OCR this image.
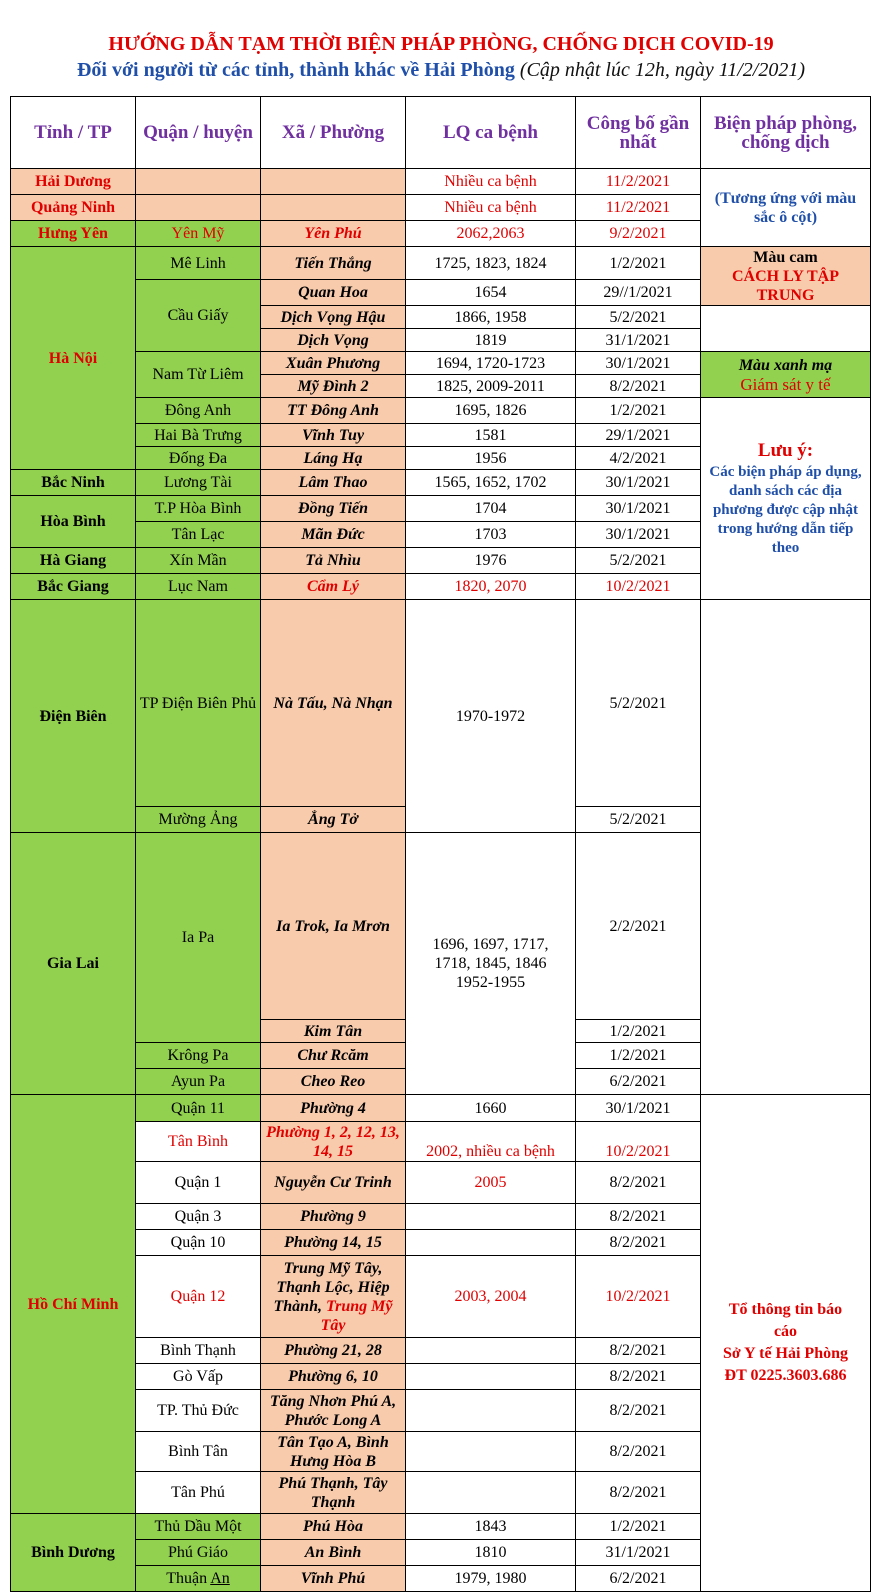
HƯỚNG DẪN TẠM THỜI BIỆN PHÁP PHÒNG, CHỐNG DỊCH COVID-19
Đối với người từ các tỉnh, thành khác về Hải Phòng (Cập nhật lúc 12h, ngày 11/2/2021)
Tỉnh / TP	Quận / huyện	Xã / Phường	LQ ca bệnh	Công bố gần nhất	Biện pháp phòng, chống dịch	
Hải Dương			Nhiều ca bệnh	11/2/2021	(Tương ứng với màu sắc ô cột)	
Quảng Ninh			Nhiều ca bệnh	11/2/2021		
Hưng Yên	Yên Mỹ	Yên Phú	2062,2063	9/2/2021		
Hà Nội	Mê Linh	Tiến Thắng	1725, 1823, 1824	1/2/2021	Màu cam
CÁCH LY TẬP TRUNG	

	Cầu Giấy	Quan Hoa	1654	29//1/2021		
		Dịch Vọng Hậu	1866, 1958	5/2/2021		
		Dịch Vọng	1819	31/1/2021		
	Nam Từ Liêm	Xuân Phương	1694, 1720-1723	30/1/2021	Màu xanh mạ
Giám sát y tế	

		Mỹ Đình 2	1825, 2009-2011	8/2/2021		
	Đông Anh	TT Đông Anh	1695, 1826	1/2/2021	Lưu ý:
Các biện pháp áp dụng, danh sách các địa phương được cập nhật trong hướng dẫn tiếp theo	

	Hai Bà Trưng	Vĩnh Tuy	1581	29/1/2021		
	Đống Đa	Láng Hạ	1956	4/2/2021		
Bắc Ninh	Lương Tài	Lâm Thao	1565, 1652, 1702	30/1/2021		
Hòa Bình	T.P Hòa Bình	Đồng Tiến	1704	30/1/2021		
	Tân Lạc	Mãn Đức	1703	30/1/2021		
Hà Giang	Xín Mần	Tả Nhìu	1976	5/2/2021	

Bắc Giang	Lục Nam	Cẩm Lý	1820, 2070	10/2/2021		
Điện Biên	TP Điện Biên Phủ	Nà Tấu, Nà Nhạn	1970-1972	5/2/2021		
	Mường Ảng	Ẳng Tở		5/2/2021		
Gia Lai	Ia Pa	Ia Trok, Ia Mrơn	1696, 1697, 1717,
1718, 1845, 1846
1952-1955	2/2/2021		
		Kim Tân		1/2/2021		
	Krông Pa	Chư Rcăm		1/2/2021		
	Ayun Pa	Cheo Reo		6/2/2021		
Hồ Chí Minh	Quận 11	Phường 4	1660	30/1/2021	Tổ thông tin báo cáo
Sở Y tế Hải Phòng
ĐT 0225.3603.686	

	Tân Bình	Phường 1, 2, 12, 13, 14, 15	2002, nhiều ca bệnh	10/2/2021		
	Quận 1	Nguyễn Cư Trinh	2005	8/2/2021		
	Quận 3	Phường 9		8/2/2021		
	Quận 10	Phường 14, 15		8/2/2021		
	Quận 12	Trung Mỹ Tây, Thạnh Lộc, Hiệp Thành, Trung Mỹ Tây	2003, 2004	10/2/2021		
	Bình Thạnh	Phường 21, 28		8/2/2021		
	Gò Vấp	Phường 6, 10		8/2/2021		
	TP. Thủ Đức	Tăng Nhơn Phú A, Phước Long A		8/2/2021		
	Bình Tân	Tân Tạo A, Bình Hưng Hòa B		8/2/2021		
	Tân Phú	Phú Thạnh, Tây Thạnh		8/2/2021		
Bình Dương	Thủ Dầu Một	Phú Hòa	1843	1/2/2021		
	Phú Giáo	An Bình	1810	31/1/2021		
	Thuận An	Vĩnh Phú	1979, 1980	6/2/2021		
